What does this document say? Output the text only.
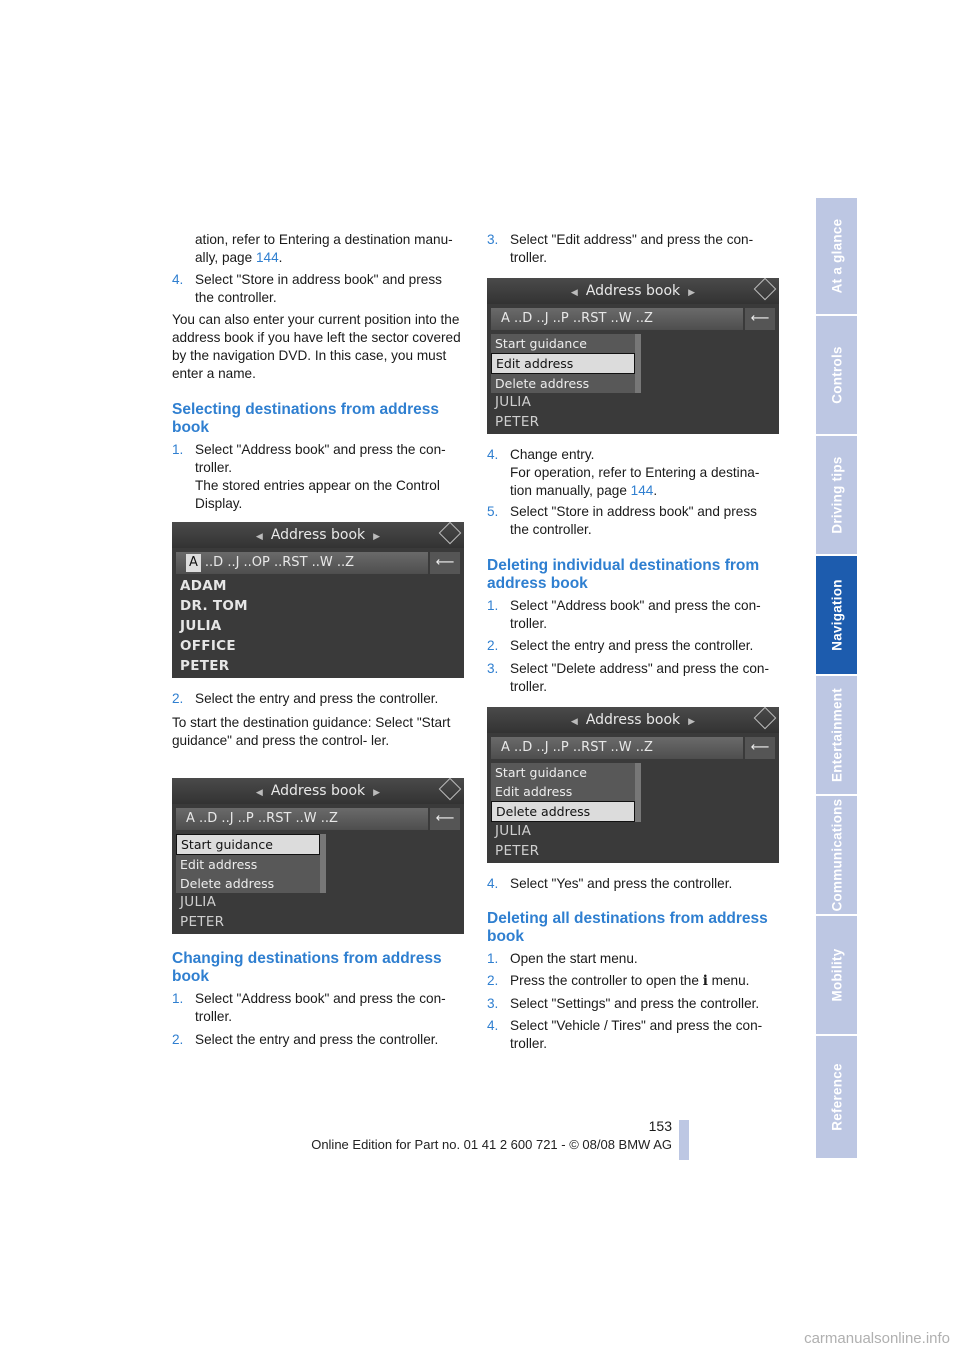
ation, refer to Entering a destination manu-
ally, page 144.
4. Select "Store in address book" and press the controller.

You can also enter your current position into the address book if you have left the sector covered by the navigation DVD. In this case, you must enter a name.

Selecting destinations from address book
1. Select "Address book" and press the con- troller.
The stored entries appear on the Control Display.
◀ Address book ▶
A ..D ..J ..OP ..RST ..W ..Z	⟵
ADAM
DR. TOM
JULIA
OFFICE
PETER
2. Select the entry and press the controller.

To start the destination guidance: Select "Start guidance" and press the control- ler.

◀ Address book ▶
A ..D ..J ..P ..RST ..W ..Z	⟵
Start guidance
Edit address
Delete address
JULIA
PETER
Changing destinations from address book
1. Select "Address book" and press the con- troller.
2. Select the entry and press the controller.
3. Select "Edit address" and press the con- troller.
◀ Address book ▶
A ..D ..J ..P ..RST ..W ..Z	⟵
Start guidance
Edit address
Delete address
JULIA
PETER
4. Change entry.
For operation, refer to Entering a destina- tion manually, page 144.
5. Select "Store in address book" and press the controller.
Deleting individual destinations from address book
1. Select "Address book" and press the con- troller.
2. Select the entry and press the controller.
3. Select "Delete address" and press the con- troller.
◀ Address book ▶
A ..D ..J ..P ..RST ..W ..Z	⟵
Start guidance
Edit address
Delete address
JULIA
PETER
4. Select "Yes" and press the controller.
Deleting all destinations from address book
1. Open the start menu.
2. Press the controller to open the i menu.
3. Select "Settings" and press the controller.
4. Select "Vehicle / Tires" and press the con- troller.
At a glance
Controls
Driving tips
Navigation
Entertainment
Communications
Mobility
Reference
153
Online Edition for Part no. 01 41 2 600 721 - © 08/08 BMW AG
carmanualsonline.info
